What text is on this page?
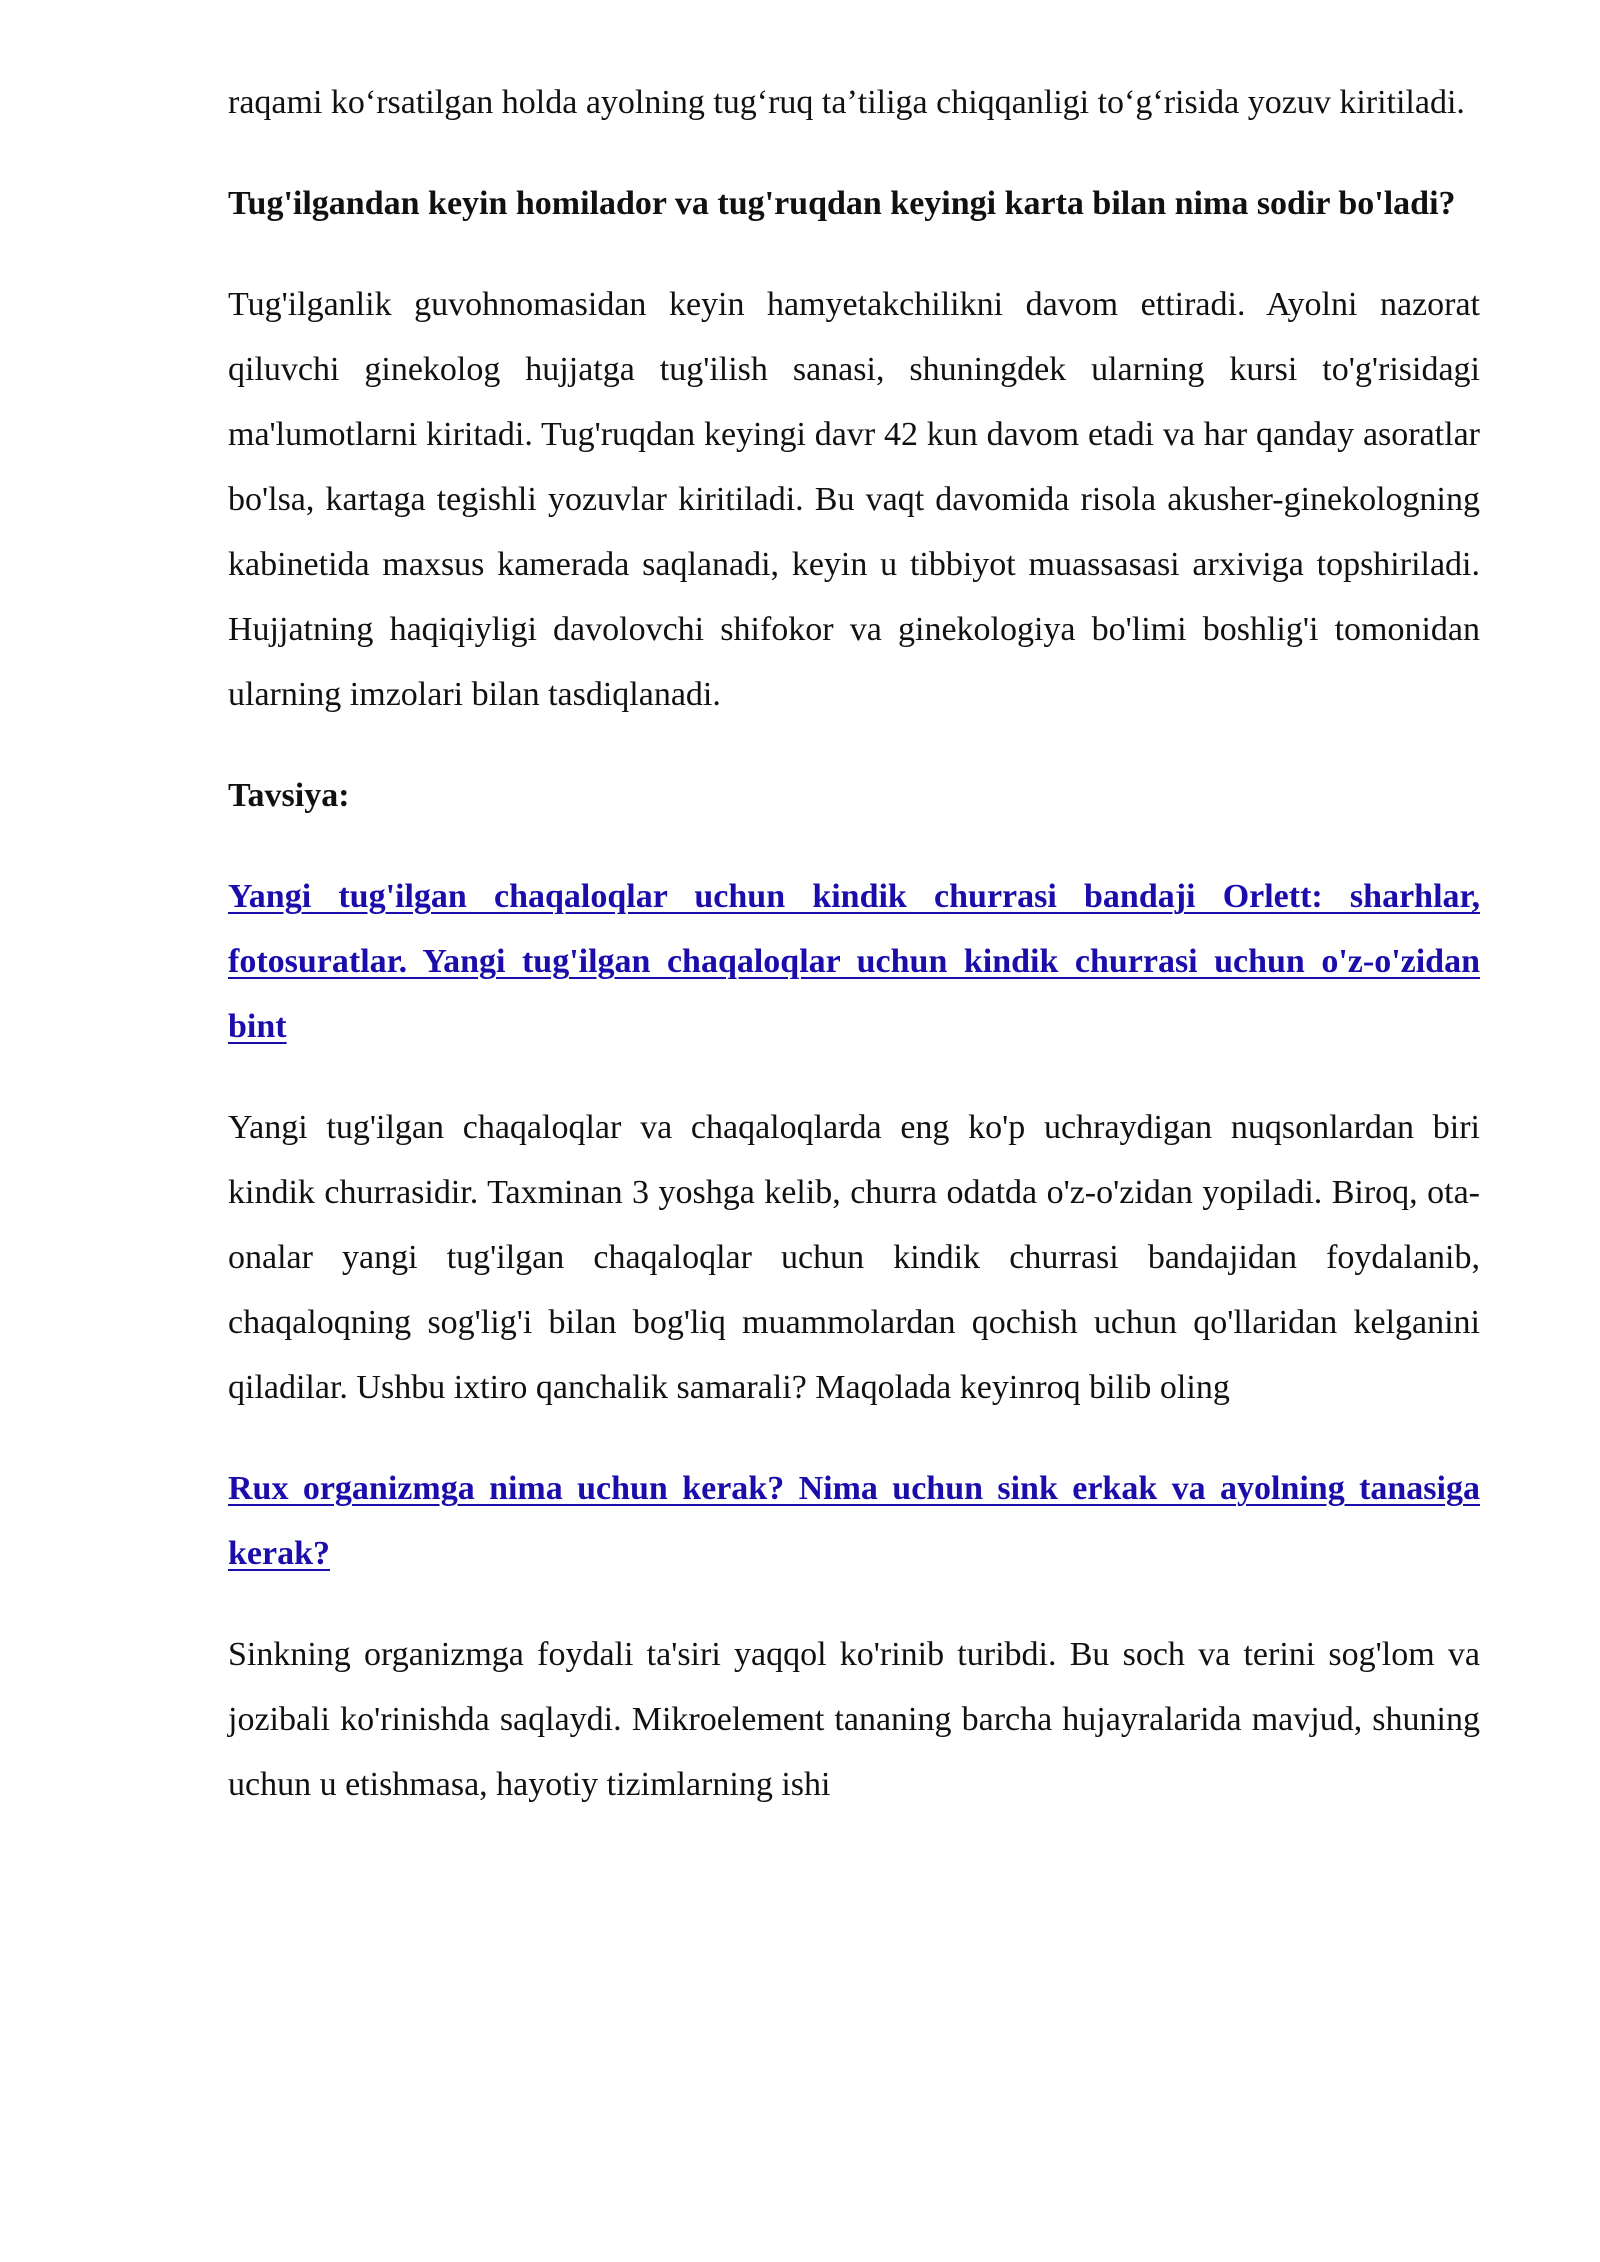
raqami koʻrsatilgan holda ayolning tugʻruq taʼtiliga chiqqanligi toʻgʻrisida yozuv kiritiladi.

Tug'ilgandan keyin homilador va tug'ruqdan keyingi karta bilan nima sodir bo'ladi?

Tug'ilganlik guvohnomasidan keyin hamyetakchilikni davom ettiradi. Ayolni nazorat qiluvchi ginekolog hujjatga tug'ilish sanasi, shuningdek ularning kursi to'g'risidagi ma'lumotlarni kiritadi. Tug'ruqdan keyingi davr 42 kun davom etadi va har qanday asoratlar bo'lsa, kartaga tegishli yozuvlar kiritiladi. Bu vaqt davomida risola akusher-ginekologning kabinetida maxsus kamerada saqlanadi, keyin u tibbiyot muassasasi arxiviga topshiriladi. Hujjatning haqiqiyligi davolovchi shifokor va ginekologiya bo'limi boshlig'i tomonidan ularning imzolari bilan tasdiqlanadi.

Tavsiya:

Yangi tug'ilgan chaqaloqlar uchun kindik churrasi bandaji Orlett: sharhlar, fotosuratlar. Yangi tug'ilgan chaqaloqlar uchun kindik churrasi uchun o'z-o'zidan bint

Yangi tug'ilgan chaqaloqlar va chaqaloqlarda eng ko'p uchraydigan nuqsonlardan biri kindik churrasidir. Taxminan 3 yoshga kelib, churra odatda o'z-o'zidan yopiladi. Biroq, ota-onalar yangi tug'ilgan chaqaloqlar uchun kindik churrasi bandajidan foydalanib, chaqaloqning sog'lig'i bilan bog'liq muammolardan qochish uchun qo'llaridan kelganini qiladilar. Ushbu ixtiro qanchalik samarali? Maqolada keyinroq bilib oling

Rux organizmga nima uchun kerak? Nima uchun sink erkak va ayolning tanasiga kerak?

Sinkning organizmga foydali ta'siri yaqqol ko'rinib turibdi. Bu soch va terini sog'lom va jozibali ko'rinishda saqlaydi. Mikroelement tananing barcha hujayralarida mavjud, shuning uchun u etishmasa, hayotiy tizimlarning ishi
